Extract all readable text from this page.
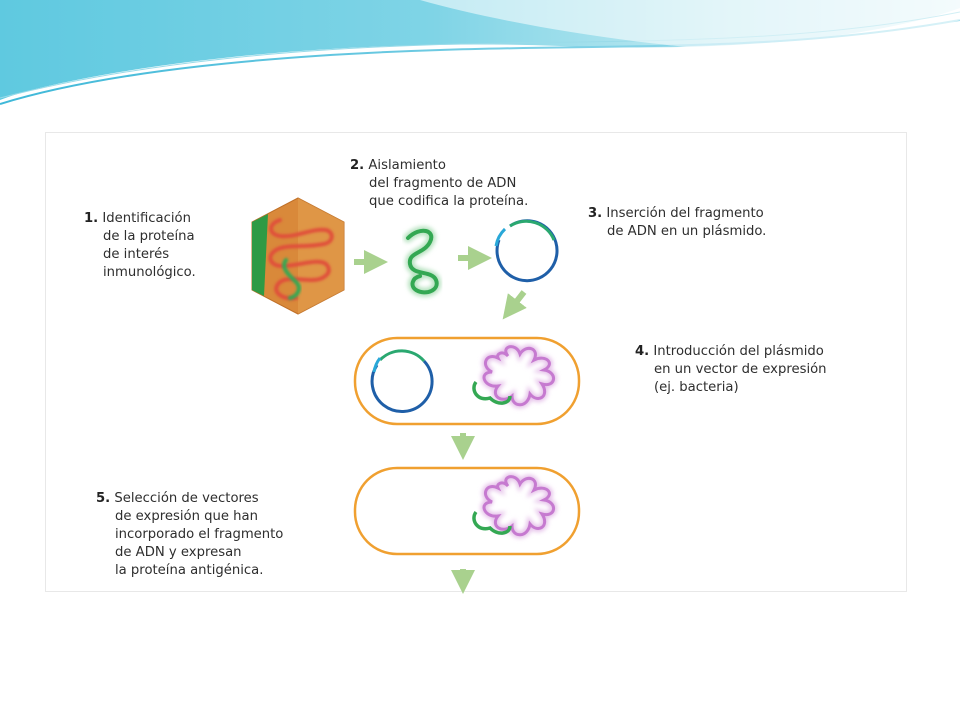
1. Identificación
de la proteína
de interés
inmunológico.
2. Aislamiento
del fragmento de ADN
que codifica la proteína.
3. Inserción del fragmento
de ADN en un plásmido.
4. Introducción del plásmido
en un vector de expresión
(ej. bacteria)
5. Selección de vectores
de expresión que han
incorporado el fragmento
de ADN y expresan
la proteína antigénica.
